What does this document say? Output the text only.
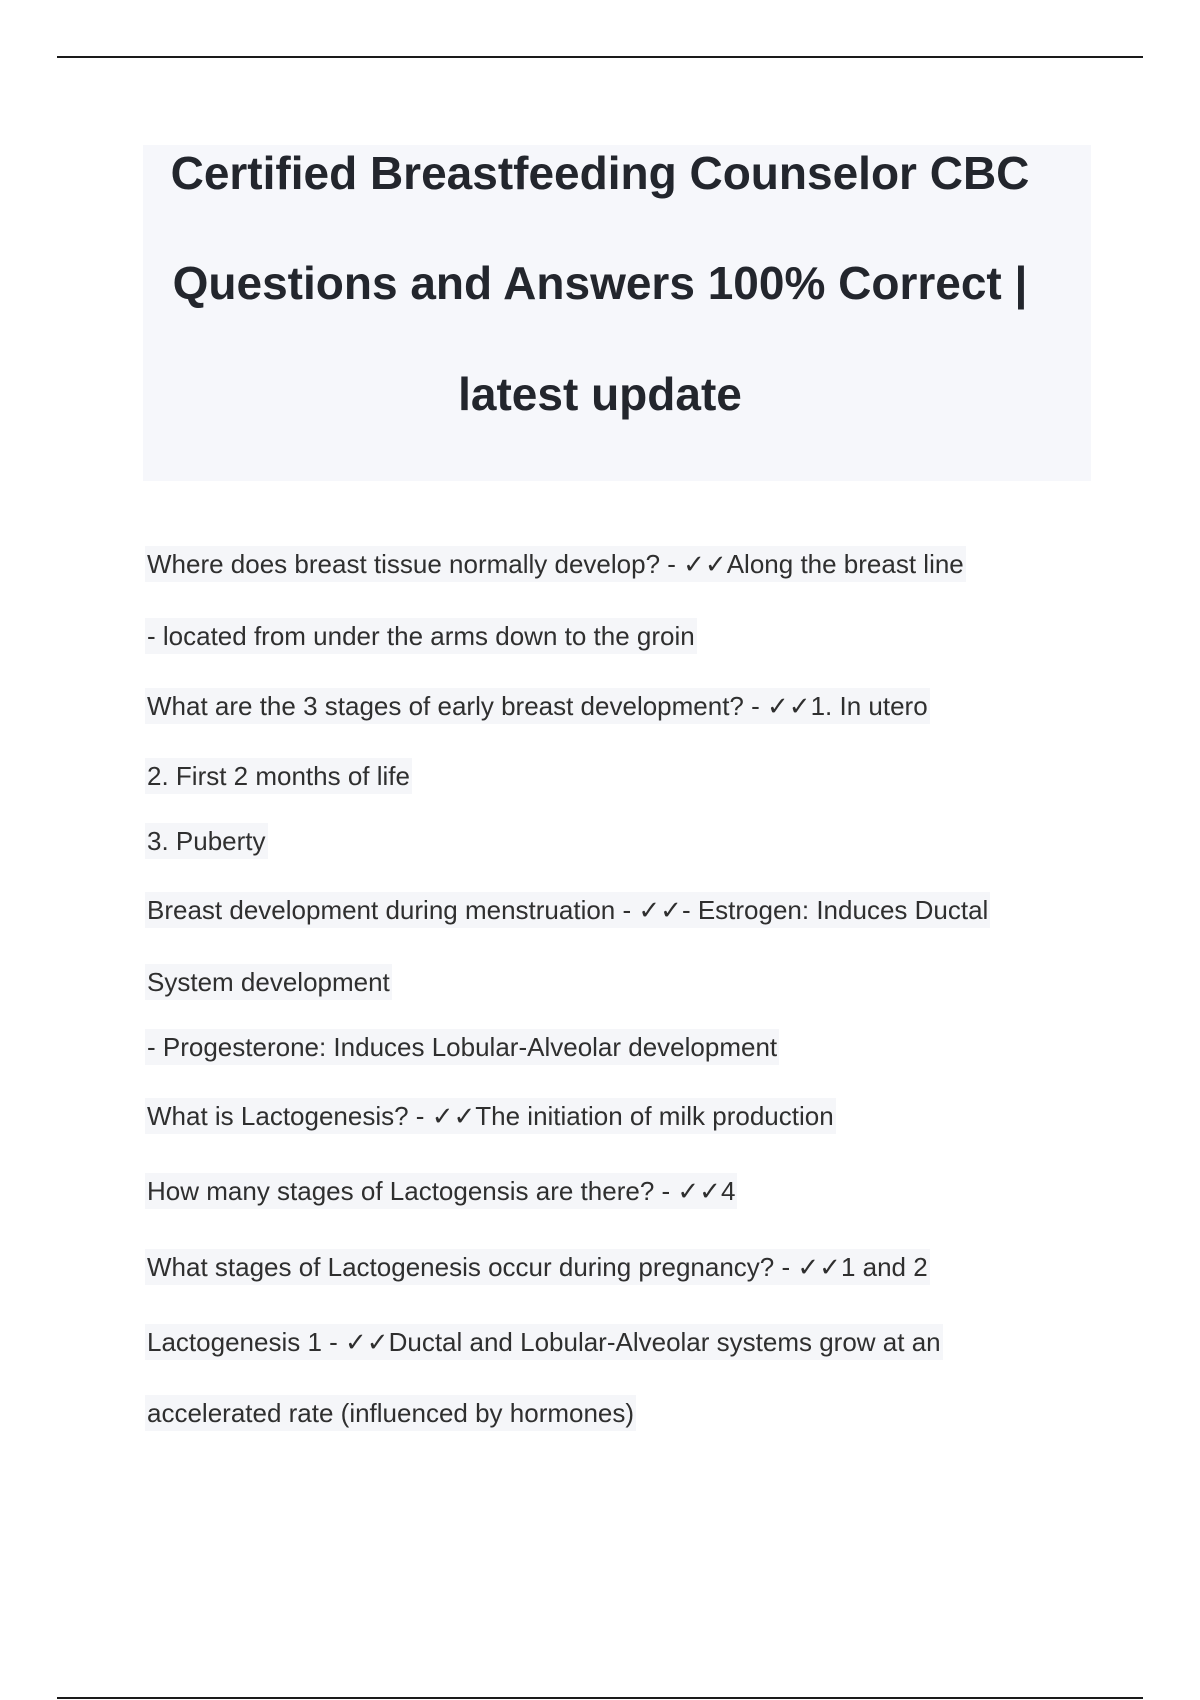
Certified Breastfeeding Counselor CBC
Questions and Answers 100% Correct |
latest update
Where does breast tissue normally develop? - ✓✓Along the breast line
- located from under the arms down to the groin
What are the 3 stages of early breast development? - ✓✓1. In utero
2. First 2 months of life
3. Puberty
Breast development during menstruation - ✓✓- Estrogen: Induces Ductal
System development
- Progesterone: Induces Lobular-Alveolar development
What is Lactogenesis? - ✓✓The initiation of milk production
How many stages of Lactogensis are there? - ✓✓4
What stages of Lactogenesis occur during pregnancy? - ✓✓1 and 2
Lactogenesis 1 - ✓✓Ductal and Lobular-Alveolar systems grow at an
accelerated rate (influenced by hormones)
